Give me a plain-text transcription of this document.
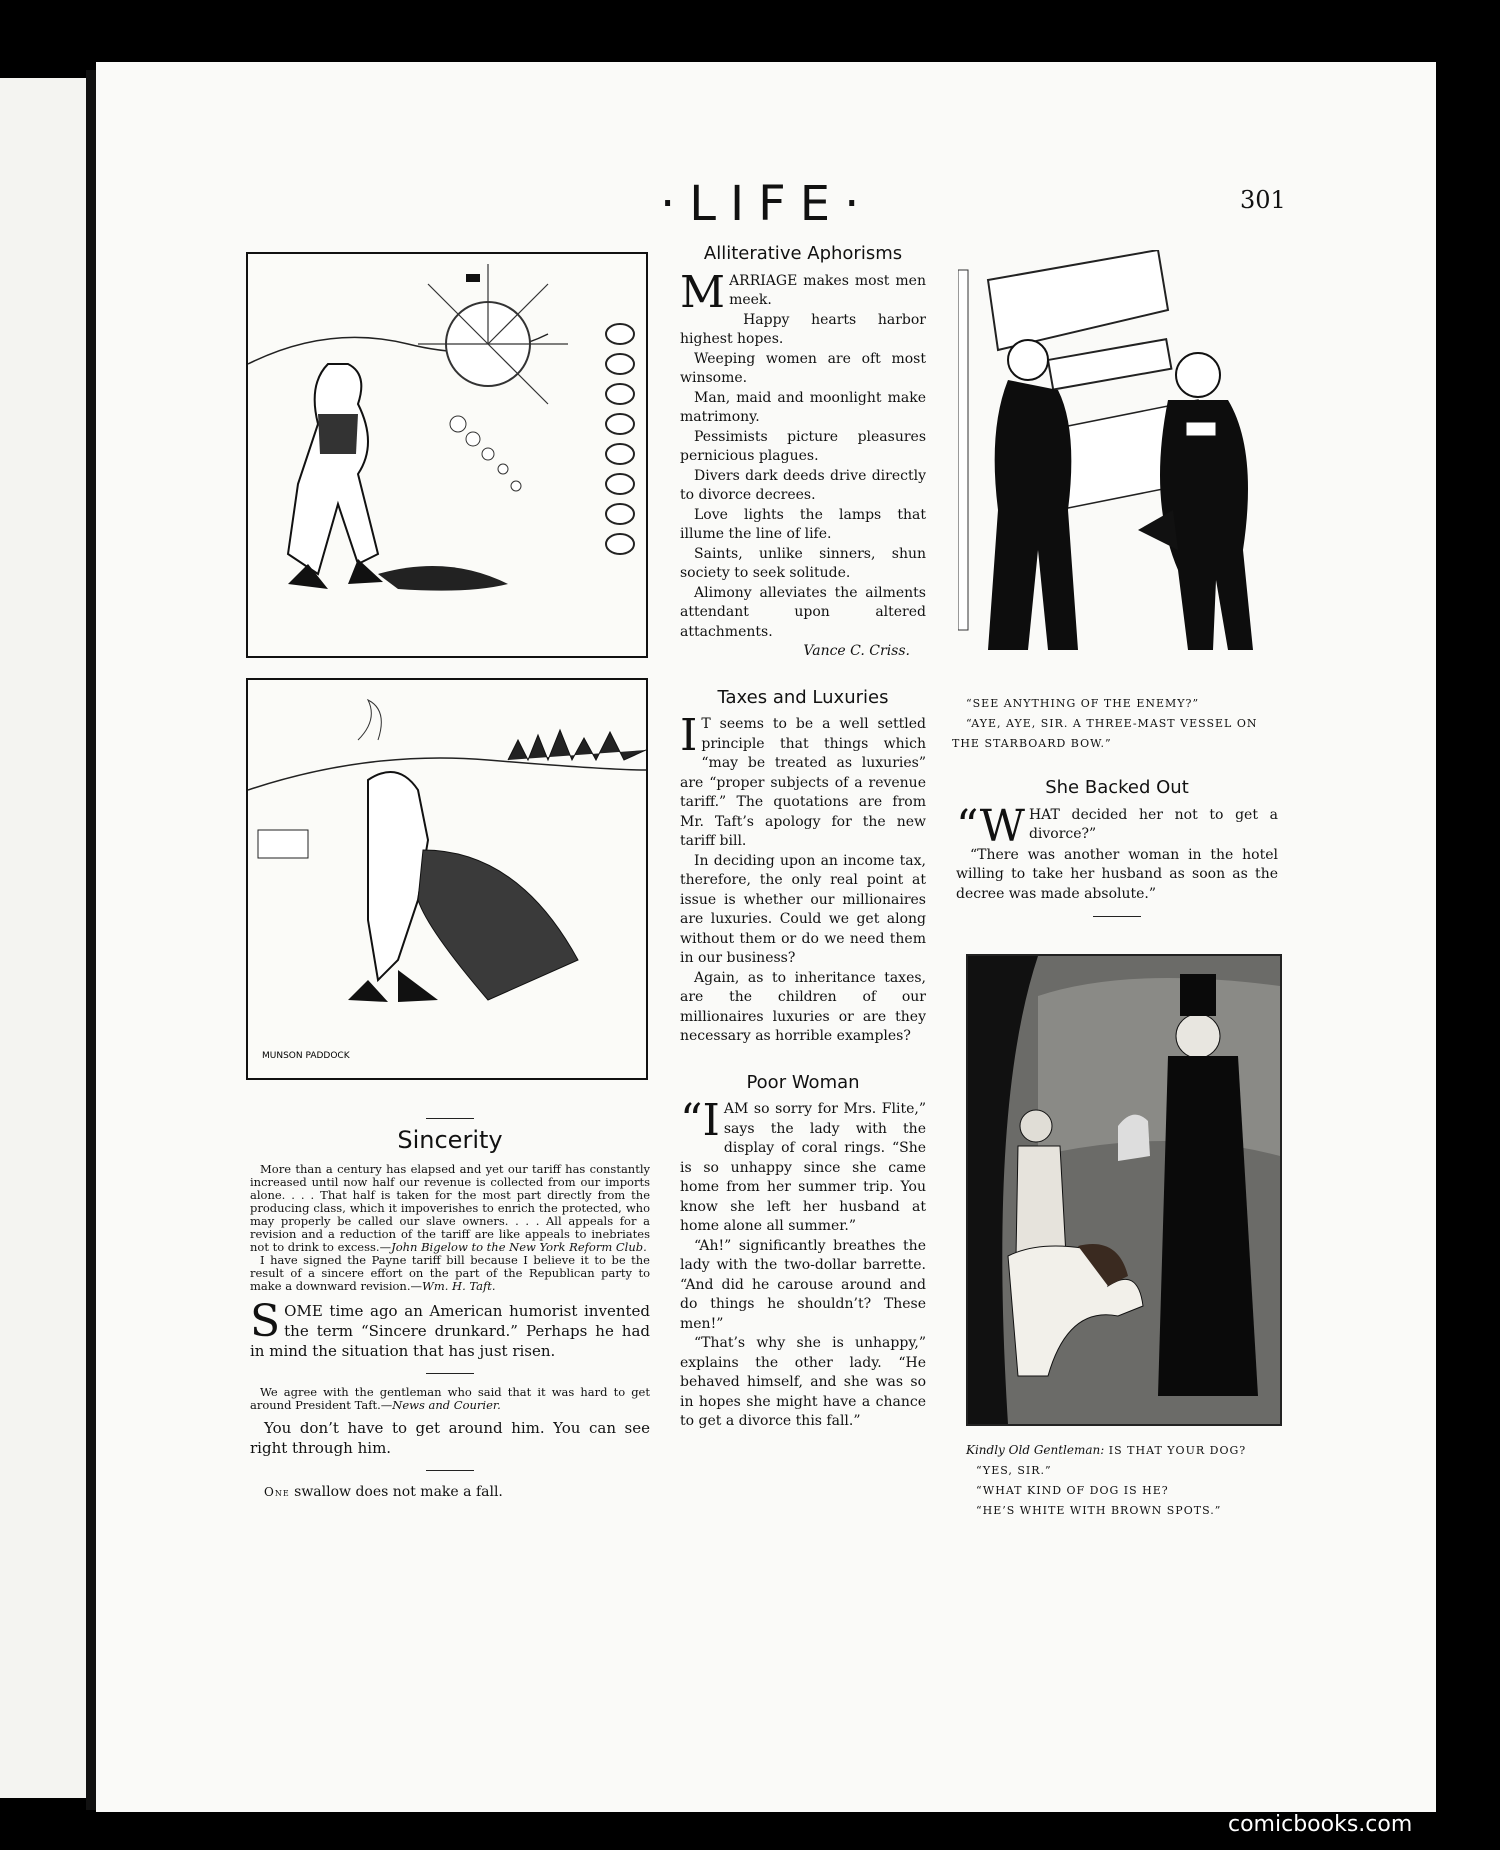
·LIFE·	301
MUNSON PADDOCK
Alliterative Aphorisms

MARRIAGE makes most men meek.

Happy hearts harbor highest hopes.

Weeping women are oft most winsome.

Man, maid and moonlight make matrimony.

Pessimists picture pleasures pernicious plagues.

Divers dark deeds drive directly to divorce decrees.

Love lights the lamps that illume the line of life.

Saints, unlike sinners, shun society to seek solitude.

Alimony alleviates the ailments attendant upon altered attachments.

Vance C. Criss.
Taxes and Luxuries

I T seems to be a well settled principle that things which “may be treated as luxuries” are “proper subjects of a revenue tariff.” The quotations are from Mr. Taft’s apology for the new tariff bill.

In deciding upon an income tax, therefore, the only real point at issue is whether our millionaires are luxuries. Could we get along without them or do we need them in our business?

Again, as to inheritance taxes, are the children of our millionaires luxuries or are they necessary as horrible examples?

Poor Woman

“IAM so sorry for Mrs. Flite,” says the lady with the display of coral rings. “She is so unhappy since she came home from her summer trip. You know she left her husband at home alone all summer.”

“Ah!” significantly breathes the lady with the two-dollar barrette. “And did he carouse around and do things he shouldn’t? These men!”

“That’s why she is unhappy,” explains the other lady. “He behaved himself, and she was so in hopes she might have a chance to get a divorce this fall.”

Sincerity

More than a century has elapsed and yet our tariff has constantly increased until now half our revenue is collected from our imports alone. . . . That half is taken for the most part directly from the producing class, which it impoverishes to enrich the protected, who may properly be called our slave owners. . . . All appeals for a revision and a reduction of the tariff are like appeals to inebriates not to drink to excess.—John Bigelow to the New York Reform Club.

I have signed the Payne tariff bill because I believe it to be the result of a sincere effort on the part of the Republican party to make a downward revision.—Wm. H. Taft.

SOME time ago an American humorist invented the term “Sincere drunkard.” Perhaps he had in mind the situation that has just risen.

We agree with the gentleman who said that it was hard to get around President Taft.—News and Courier.

You don’t have to get around him. You can see right through him.

One swallow does not make a fall.

“SEE ANYTHING OF THE ENEMY?”
“AYE, AYE, SIR. A THREE-MAST VESSEL ON THE STARBOARD BOW.”
She Backed Out

“WHAT decided her not to get a divorce?”

“There was another woman in the hotel willing to take her husband as soon as the decree was made absolute.”

Kindly Old Gentleman: IS THAT YOUR DOG?
“YES, SIR.”
“WHAT KIND OF DOG IS HE?
“HE’S WHITE WITH BROWN SPOTS.”
comicbooks.com
